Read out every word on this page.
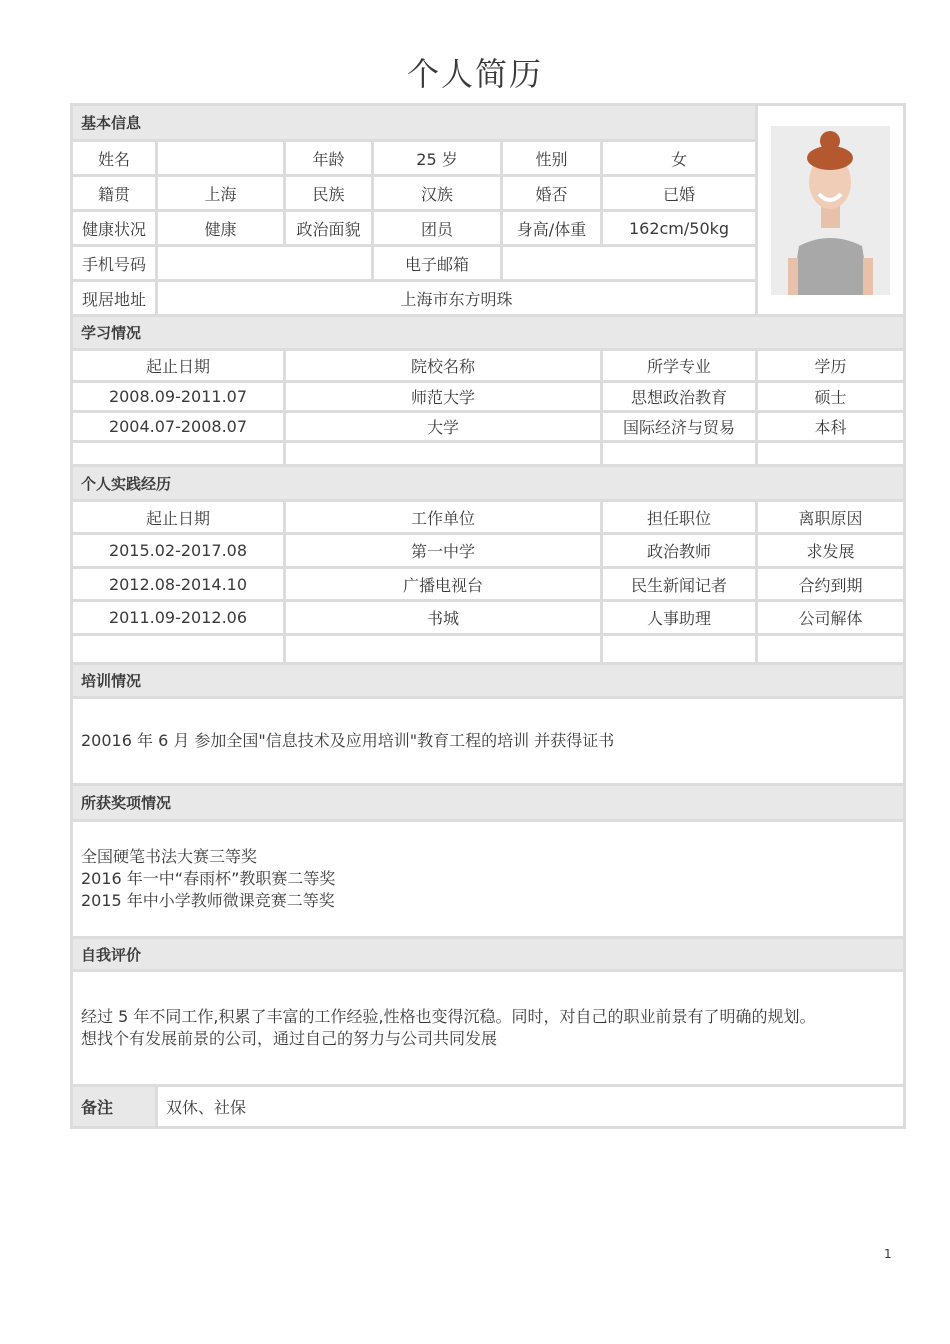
个人简历
基本信息	

姓名		年龄	25 岁	性别	女	
籍贯	上海	民族	汉族	婚否	已婚	
健康状况	健康	政治面貌	团员	身高/体重	162cm/50kg	
手机号码			电子邮箱			
现居地址	上海市东方明珠					
学习情况						
起止日期		院校名称			所学专业	学历
2008.09-2011.07		师范大学			思想政治教育	硕士
2004.07-2008.07		大学			国际经济与贸易	本科

个人实践经历						
起止日期		工作单位			担任职位	离职原因
2015.02-2017.08		第一中学			政治教师	求发展
2012.08-2014.10		广播电视台			民生新闻记者	合约到期
2011.09-2012.06		书城			人事助理	公司解体

培训情况						
20016 年 6 月 参加全国"信息技术及应用培训"教育工程的培训 并获得证书						
所获奖项情况						

全国硬笔书法大赛三等奖
2016 年一中“春雨杯”教职赛二等奖
2015 年中小学教师微课竞赛二等奖						

自我评价						

经过 5 年不同工作,积累了丰富的工作经验,性格也变得沉稳。同时，对自己的职业前景有了明确的规划。
想找个有发展前景的公司，通过自己的努力与公司共同发展						

备注	双休、社保					
1
